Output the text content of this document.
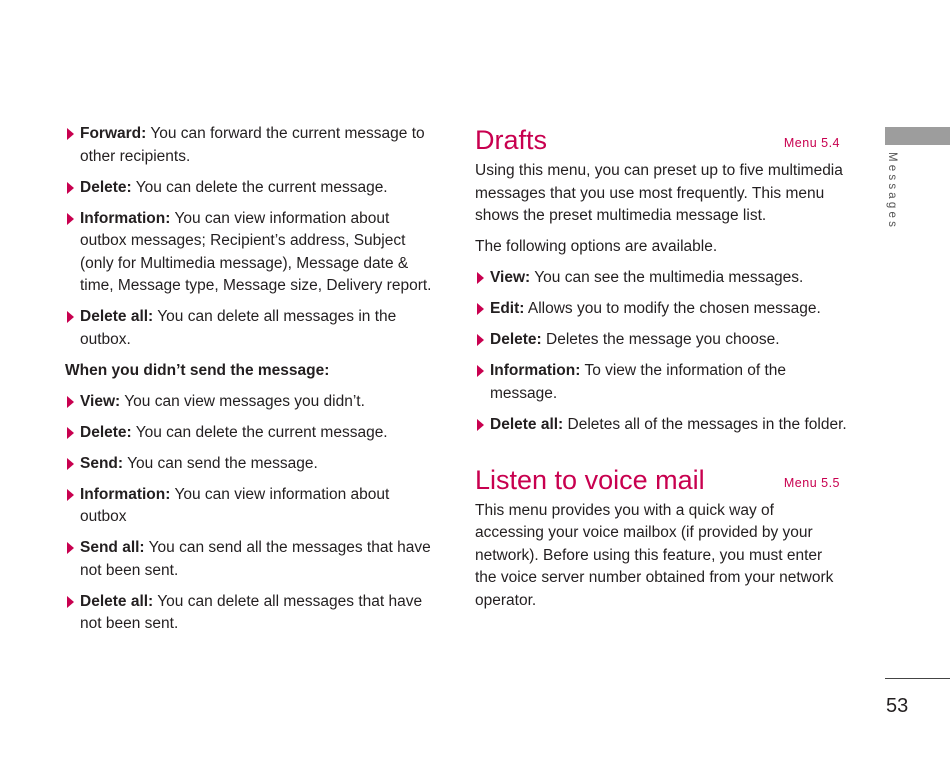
Forward: You can forward the current message to other recipients.
Delete: You can delete the current message.
Information: You can view information about outbox messages; Recipient’s address, Subject (only for Multimedia message), Message date & time, Message type, Message size, Delivery report.
Delete all: You can delete all messages in the outbox.
When you didn’t send the message:
View: You can view messages you didn’t.
Delete: You can delete the current message.
Send: You can send the message.
Information: You can view information about outbox
Send all: You can send all the messages that have not been sent.
Delete all: You can delete all messages that have not been sent.
Drafts	Menu 5.4

Using this menu, you can preset up to five multimedia messages that you use most frequently. This menu shows the preset multimedia message list.

The following options are available.

View: You can see the multimedia messages.
Edit: Allows you to modify the chosen message.
Delete: Deletes the message you choose.
Information: To view the information of the message.
Delete all: Deletes all of the messages in the folder.
Listen to voice mail	Menu 5.5

This menu provides you with a quick way of accessing your voice mailbox (if provided by your network). Before using this feature, you must enter the voice server number obtained from your network operator.

Messages
53
